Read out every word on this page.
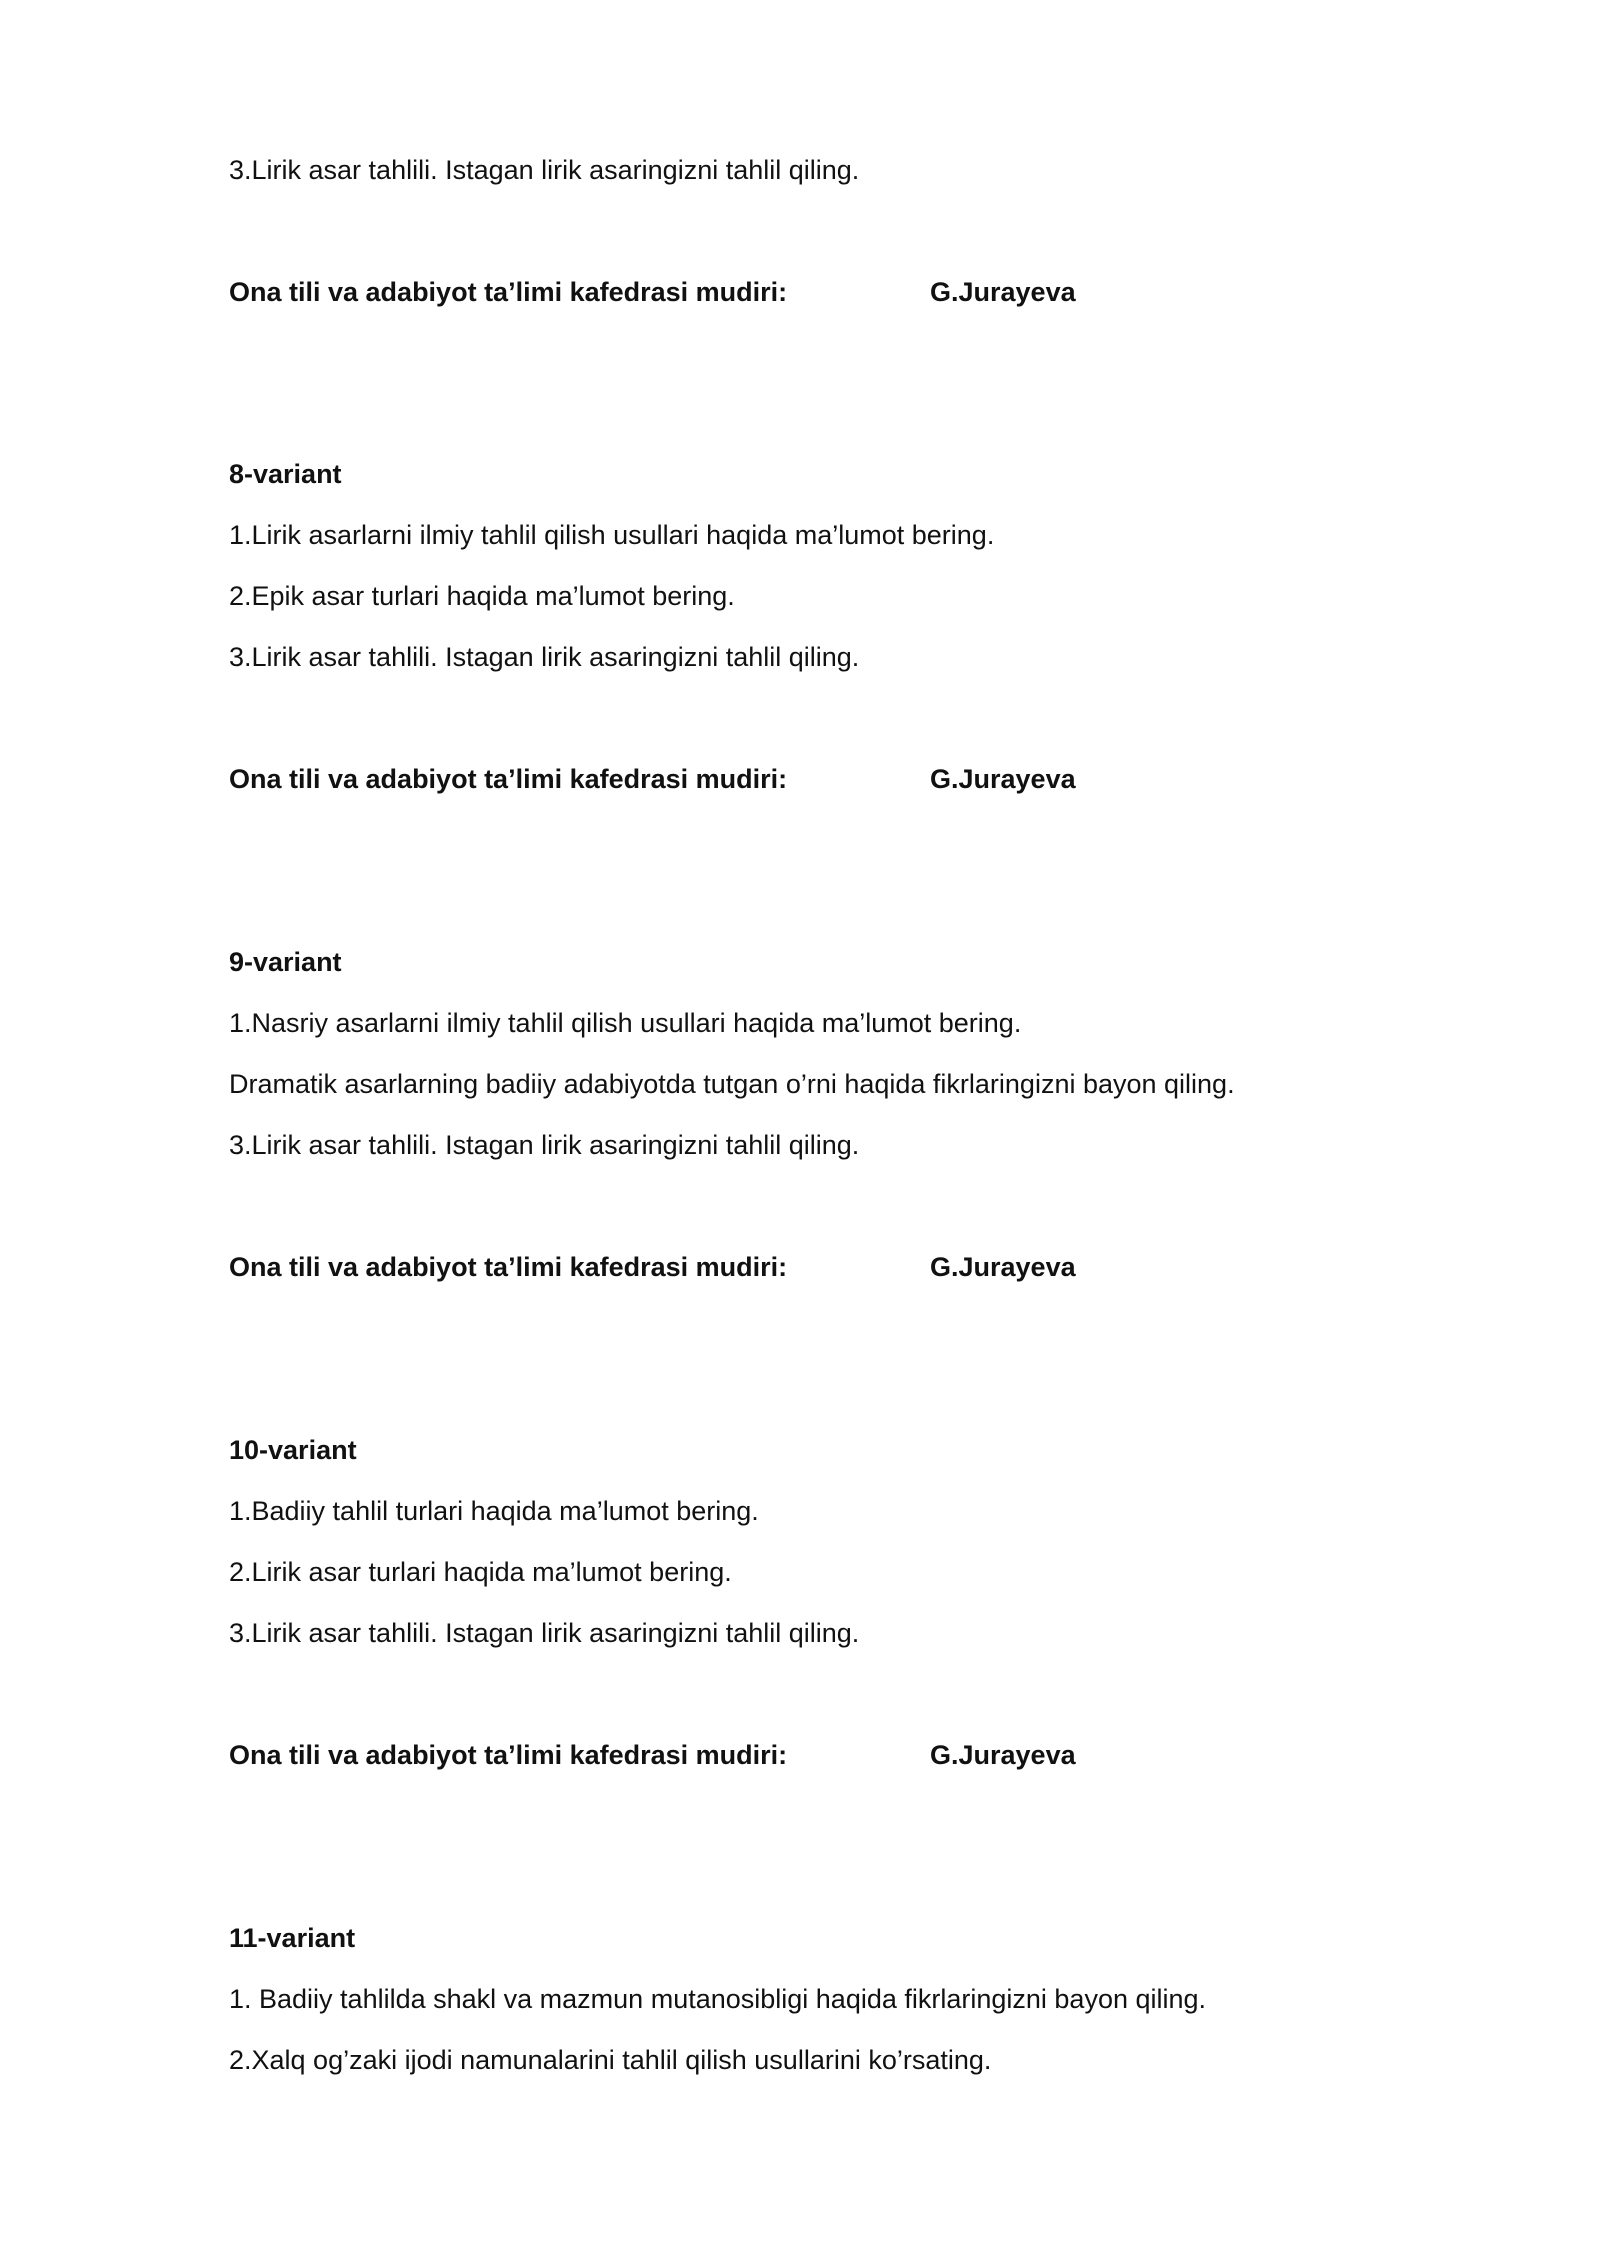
3.Lirik asar tahlili. Istagan lirik asaringizni tahlil qiling.
Ona tili va adabiyot ta’limi kafedrasi mudiri:	G.Jurayeva
8-variant
1.Lirik asarlarni ilmiy tahlil qilish usullari haqida ma’lumot bering.
2.Epik asar turlari haqida ma’lumot bering.
3.Lirik asar tahlili. Istagan lirik asaringizni tahlil qiling.
Ona tili va adabiyot ta’limi kafedrasi mudiri:	G.Jurayeva
9-variant
1.Nasriy asarlarni ilmiy tahlil qilish usullari haqida ma’lumot bering.
Dramatik asarlarning badiiy adabiyotda tutgan o’rni haqida fikrlaringizni bayon qiling.
3.Lirik asar tahlili. Istagan lirik asaringizni tahlil qiling.
Ona tili va adabiyot ta’limi kafedrasi mudiri:	G.Jurayeva
10-variant
1.Badiiy tahlil turlari haqida ma’lumot bering.
2.Lirik asar turlari haqida ma’lumot bering.
3.Lirik asar tahlili. Istagan lirik asaringizni tahlil qiling.
Ona tili va adabiyot ta’limi kafedrasi mudiri:	G.Jurayeva
11-variant
1. Badiiy tahlilda shakl va mazmun mutanosibligi haqida fikrlaringizni bayon qiling.
2.Xalq og’zaki ijodi namunalarini tahlil qilish usullarini ko’rsating.
